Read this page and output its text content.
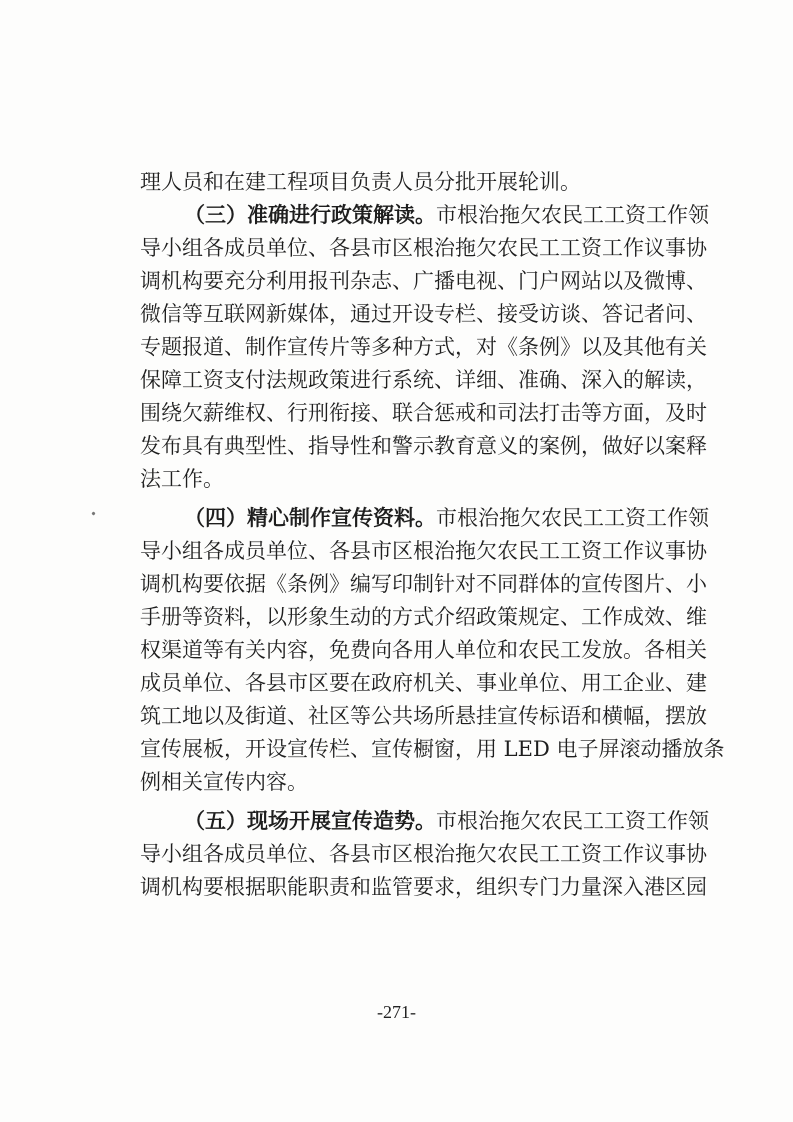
理人员和在建工程项目负责人员分批开展轮训。
（三）准确进行政策解读。市根治拖欠农民工工资工作领
导小组各成员单位、各县市区根治拖欠农民工工资工作议事协
调机构要充分利用报刊杂志、广播电视、门户网站以及微博、
微信等互联网新媒体，通过开设专栏、接受访谈、答记者问、
专题报道、制作宣传片等多种方式，对《条例》以及其他有关
保障工资支付法规政策进行系统、详细、准确、深入的解读，
围绕欠薪维权、行刑衔接、联合惩戒和司法打击等方面，及时
发布具有典型性、指导性和警示教育意义的案例，做好以案释
法工作。
（四）精心制作宣传资料。市根治拖欠农民工工资工作领
导小组各成员单位、各县市区根治拖欠农民工工资工作议事协
调机构要依据《条例》编写印制针对不同群体的宣传图片、小
手册等资料，以形象生动的方式介绍政策规定、工作成效、维
权渠道等有关内容，免费向各用人单位和农民工发放。各相关
成员单位、各县市区要在政府机关、事业单位、用工企业、建
筑工地以及街道、社区等公共场所悬挂宣传标语和横幅，摆放
宣传展板，开设宣传栏、宣传橱窗，用 LED 电子屏滚动播放条
例相关宣传内容。
（五）现场开展宣传造势。市根治拖欠农民工工资工作领
导小组各成员单位、各县市区根治拖欠农民工工资工作议事协
调机构要根据职能职责和监管要求，组织专门力量深入港区园
-271-
